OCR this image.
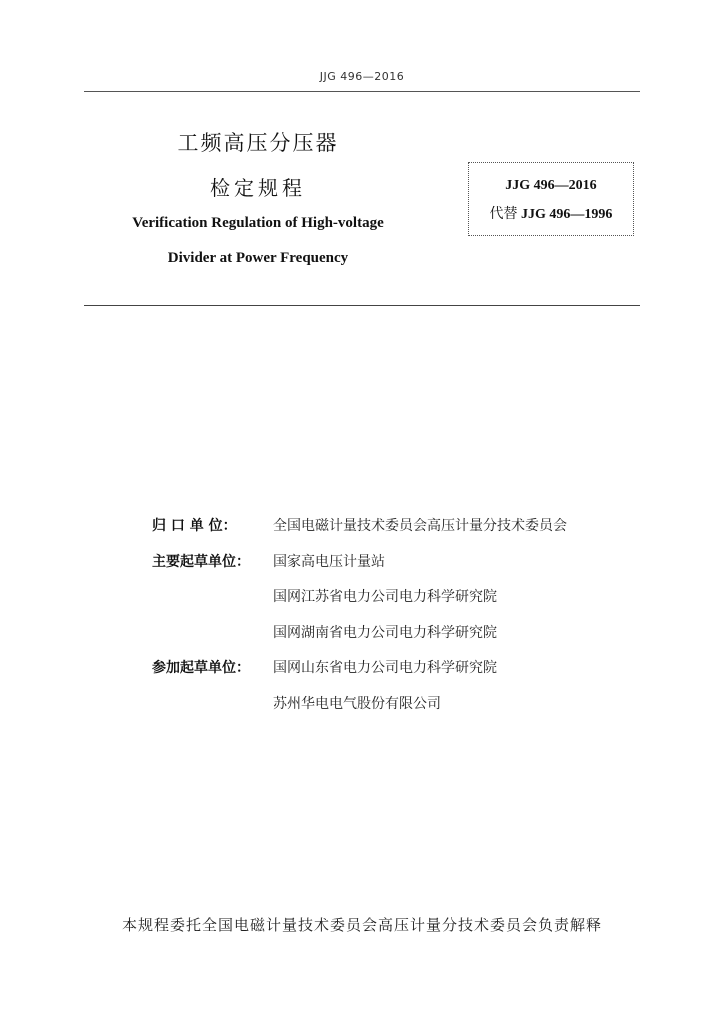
JJG 496—2016
工频高压分压器
检定规程
Verification Regulation of High-voltage
Divider at Power Frequency
JJG 496—2016
代替 JJG 496—1996
归 口 单 位：	全国电磁计量技术委员会高压计量分技术委员会
主要起草单位：	国家高电压计量站
国网江苏省电力公司电力科学研究院
国网湖南省电力公司电力科学研究院
参加起草单位：	国网山东省电力公司电力科学研究院
苏州华电电气股份有限公司
本规程委托全国电磁计量技术委员会高压计量分技术委员会负责解释
